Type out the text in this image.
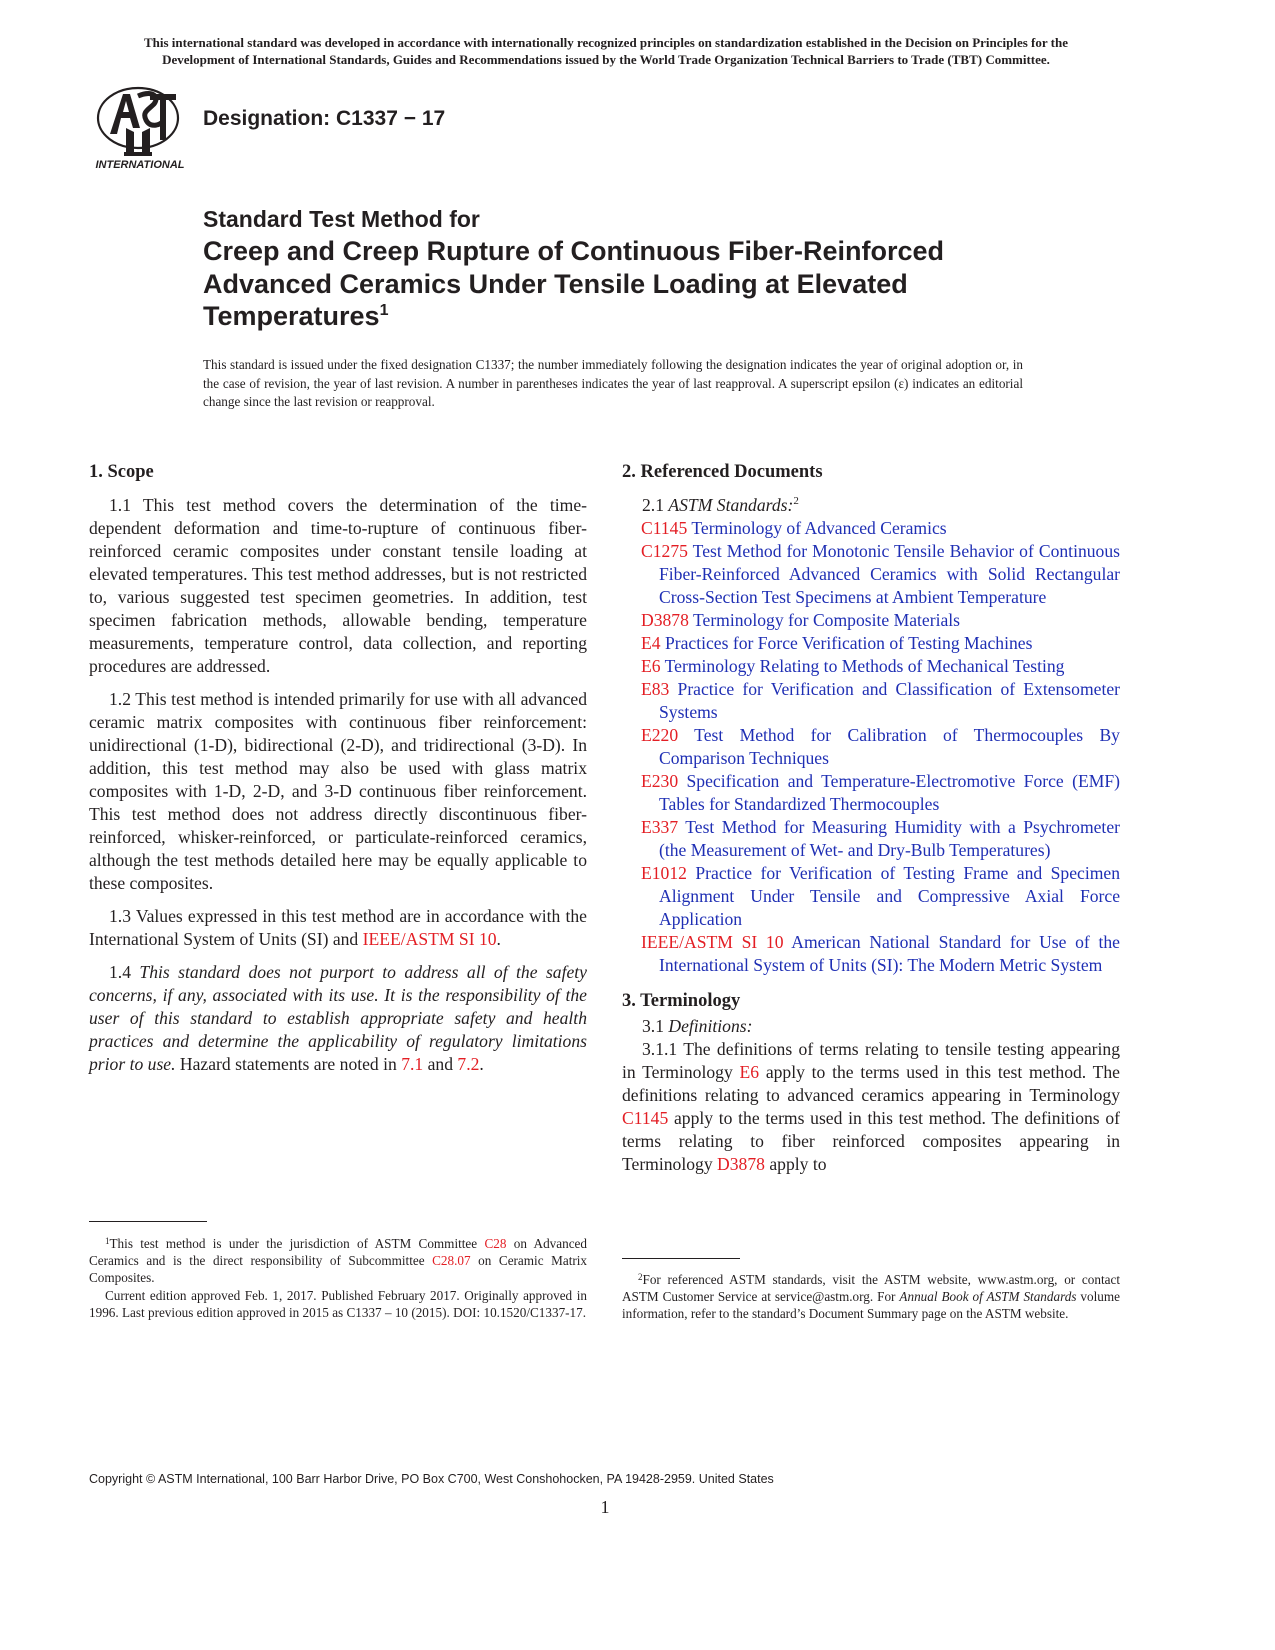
This international standard was developed in accordance with internationally recognized principles on standardization established in the Decision on Principles for the
Development of International Standards, Guides and Recommendations issued by the World Trade Organization Technical Barriers to Trade (TBT) Committee.
INTERNATIONAL
Designation: C1337 − 17
Standard Test Method for
Creep and Creep Rupture of Continuous Fiber-Reinforced Advanced Ceramics Under Tensile Loading at Elevated Temperatures$^1$
This standard is issued under the fixed designation C1337; the number immediately following the designation indicates the year of original adoption or, in the case of revision, the year of last revision. A number in parentheses indicates the year of last reapproval. A superscript epsilon (ε) indicates an editorial change since the last revision or reapproval.
1. Scope

1.1 This test method covers the determination of the time-dependent deformation and time-to-rupture of continuous fiber-reinforced ceramic composites under constant tensile loading at elevated temperatures. This test method addresses, but is not restricted to, various suggested test specimen geometries. In addition, test specimen fabrication methods, allowable bending, temperature measurements, temperature control, data collection, and reporting procedures are addressed.

1.2 This test method is intended primarily for use with all advanced ceramic matrix composites with continuous fiber reinforcement: unidirectional (1-D), bidirectional (2-D), and tridirectional (3-D). In addition, this test method may also be used with glass matrix composites with 1-D, 2-D, and 3-D continuous fiber reinforcement. This test method does not address directly discontinuous fiber-reinforced, whisker-reinforced, or particulate-reinforced ceramics, although the test methods detailed here may be equally applicable to these composites.

1.3 Values expressed in this test method are in accordance with the International System of Units (SI) and IEEE/ASTM SI 10.

1.4 This standard does not purport to address all of the safety concerns, if any, associated with its use. It is the responsibility of the user of this standard to establish appropriate safety and health practices and determine the applicability of regulatory limitations prior to use. Hazard statements are noted in 7.1 and 7.2.

2. Referenced Documents

2.1 ASTM Standards:$^2$

C1145 Terminology of Advanced Ceramics

C1275 Test Method for Monotonic Tensile Behavior of Continuous Fiber-Reinforced Advanced Ceramics with Solid Rectangular Cross-Section Test Specimens at Ambient Temperature

D3878 Terminology for Composite Materials

E4 Practices for Force Verification of Testing Machines

E6 Terminology Relating to Methods of Mechanical Testing

E83 Practice for Verification and Classification of Extensometer Systems

E220 Test Method for Calibration of Thermocouples By Comparison Techniques

E230 Specification and Temperature-Electromotive Force (EMF) Tables for Standardized Thermocouples

E337 Test Method for Measuring Humidity with a Psychrometer (the Measurement of Wet- and Dry-Bulb Temperatures)

E1012 Practice for Verification of Testing Frame and Specimen Alignment Under Tensile and Compressive Axial Force Application

IEEE/ASTM SI 10 American National Standard for Use of the International System of Units (SI): The Modern Metric System

3. Terminology

3.1 Definitions:

3.1.1 The definitions of terms relating to tensile testing appearing in Terminology E6 apply to the terms used in this test method. The definitions relating to advanced ceramics appearing in Terminology C1145 apply to the terms used in this test method. The definitions of terms relating to fiber reinforced composites appearing in Terminology D3878 apply to

$^1$This test method is under the jurisdiction of ASTM Committee C28 on Advanced Ceramics and is the direct responsibility of Subcommittee C28.07 on Ceramic Matrix Composites.

Current edition approved Feb. 1, 2017. Published February 2017. Originally approved in 1996. Last previous edition approved in 2015 as C1337 – 10 (2015). DOI: 10.1520/C1337-17.

$^2$For referenced ASTM standards, visit the ASTM website, www.astm.org, or contact ASTM Customer Service at service@astm.org. For Annual Book of ASTM Standards volume information, refer to the standard’s Document Summary page on the ASTM website.

Copyright © ASTM International, 100 Barr Harbor Drive, PO Box C700, West Conshohocken, PA 19428-2959. United States
1
